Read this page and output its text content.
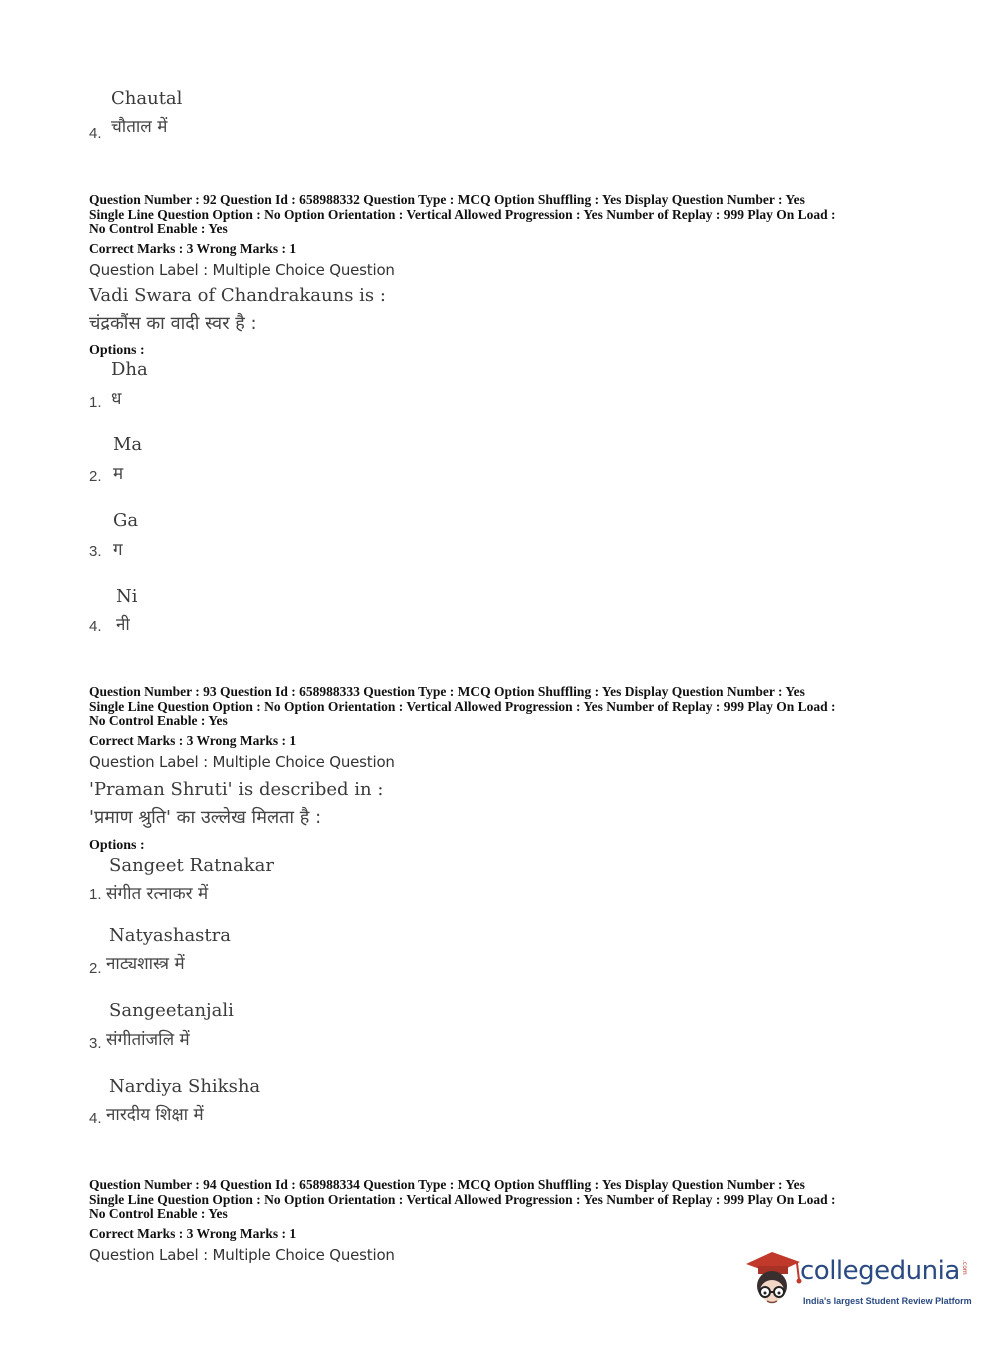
Chautal
4. चौताल में
Question Number : 92 Question Id : 658988332 Question Type : MCQ Option Shuffling : Yes Display Question Number : Yes
Single Line Question Option : No Option Orientation : Vertical Allowed Progression : Yes Number of Replay : 999 Play On Load :
No Control Enable : Yes
Correct Marks : 3 Wrong Marks : 1
Question Label : Multiple Choice Question
Vadi Swara of Chandrakauns is :
चंद्रकौंस का वादी स्वर है :
Options :
Dha
1. ध
Ma
2. म
Ga
3. ग
Ni
4. नी
Question Number : 93 Question Id : 658988333 Question Type : MCQ Option Shuffling : Yes Display Question Number : Yes
Single Line Question Option : No Option Orientation : Vertical Allowed Progression : Yes Number of Replay : 999 Play On Load :
No Control Enable : Yes
Correct Marks : 3 Wrong Marks : 1
Question Label : Multiple Choice Question
'Praman Shruti' is described in :
'प्रमाण श्रुति' का उल्लेख मिलता है :
Options :
Sangeet Ratnakar
1. संगीत रत्नाकर में
Natyashastra
2. नाट्यशास्त्र में
Sangeetanjali
3. संगीतांजलि में
Nardiya Shiksha
4. नारदीय शिक्षा में
Question Number : 94 Question Id : 658988334 Question Type : MCQ Option Shuffling : Yes Display Question Number : Yes
Single Line Question Option : No Option Orientation : Vertical Allowed Progression : Yes Number of Replay : 999 Play On Load :
No Control Enable : Yes
Correct Marks : 3 Wrong Marks : 1
Question Label : Multiple Choice Question
collegedunia .com
India's largest Student Review Platform
